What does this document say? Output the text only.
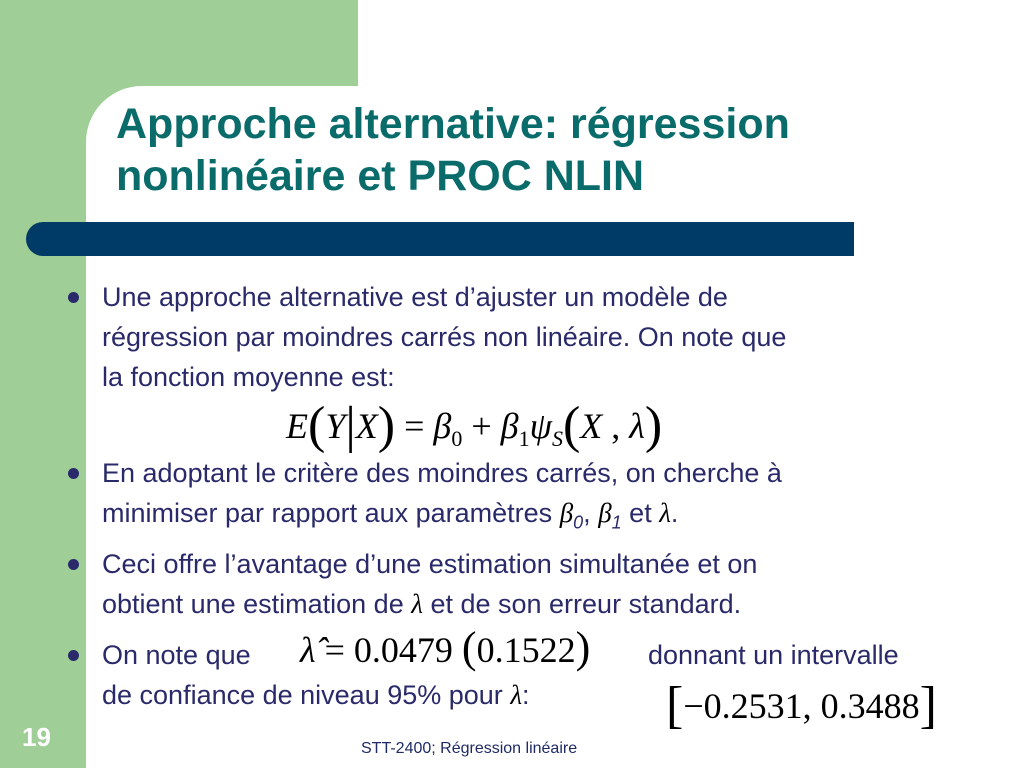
Approche alternative: régression
nonlinéaire et PROC NLIN

Une approche alternative est d’ajuster un modèle de
régression par moindres carrés non linéaire. On note que
la fonction moyenne est:

$E(Y|X) = \beta_0 + \beta_1\psi_S(X$ , λ)

En adoptant le critère des moindres carrés, on cherche à
minimiser par rapport aux paramètres $\beta_0$, $\beta_1$ et λ.

Ceci offre l’avantage d’une estimation simultanée et on
obtient une estimation de λ et de son erreur standard.

On note que λ̂ = 0.0479 (0.1522) donnant un intervalle
de confiance de niveau 95% pour λ:	[−0.2531, 0.3488]
19	STT-2400; Régression linéaire
